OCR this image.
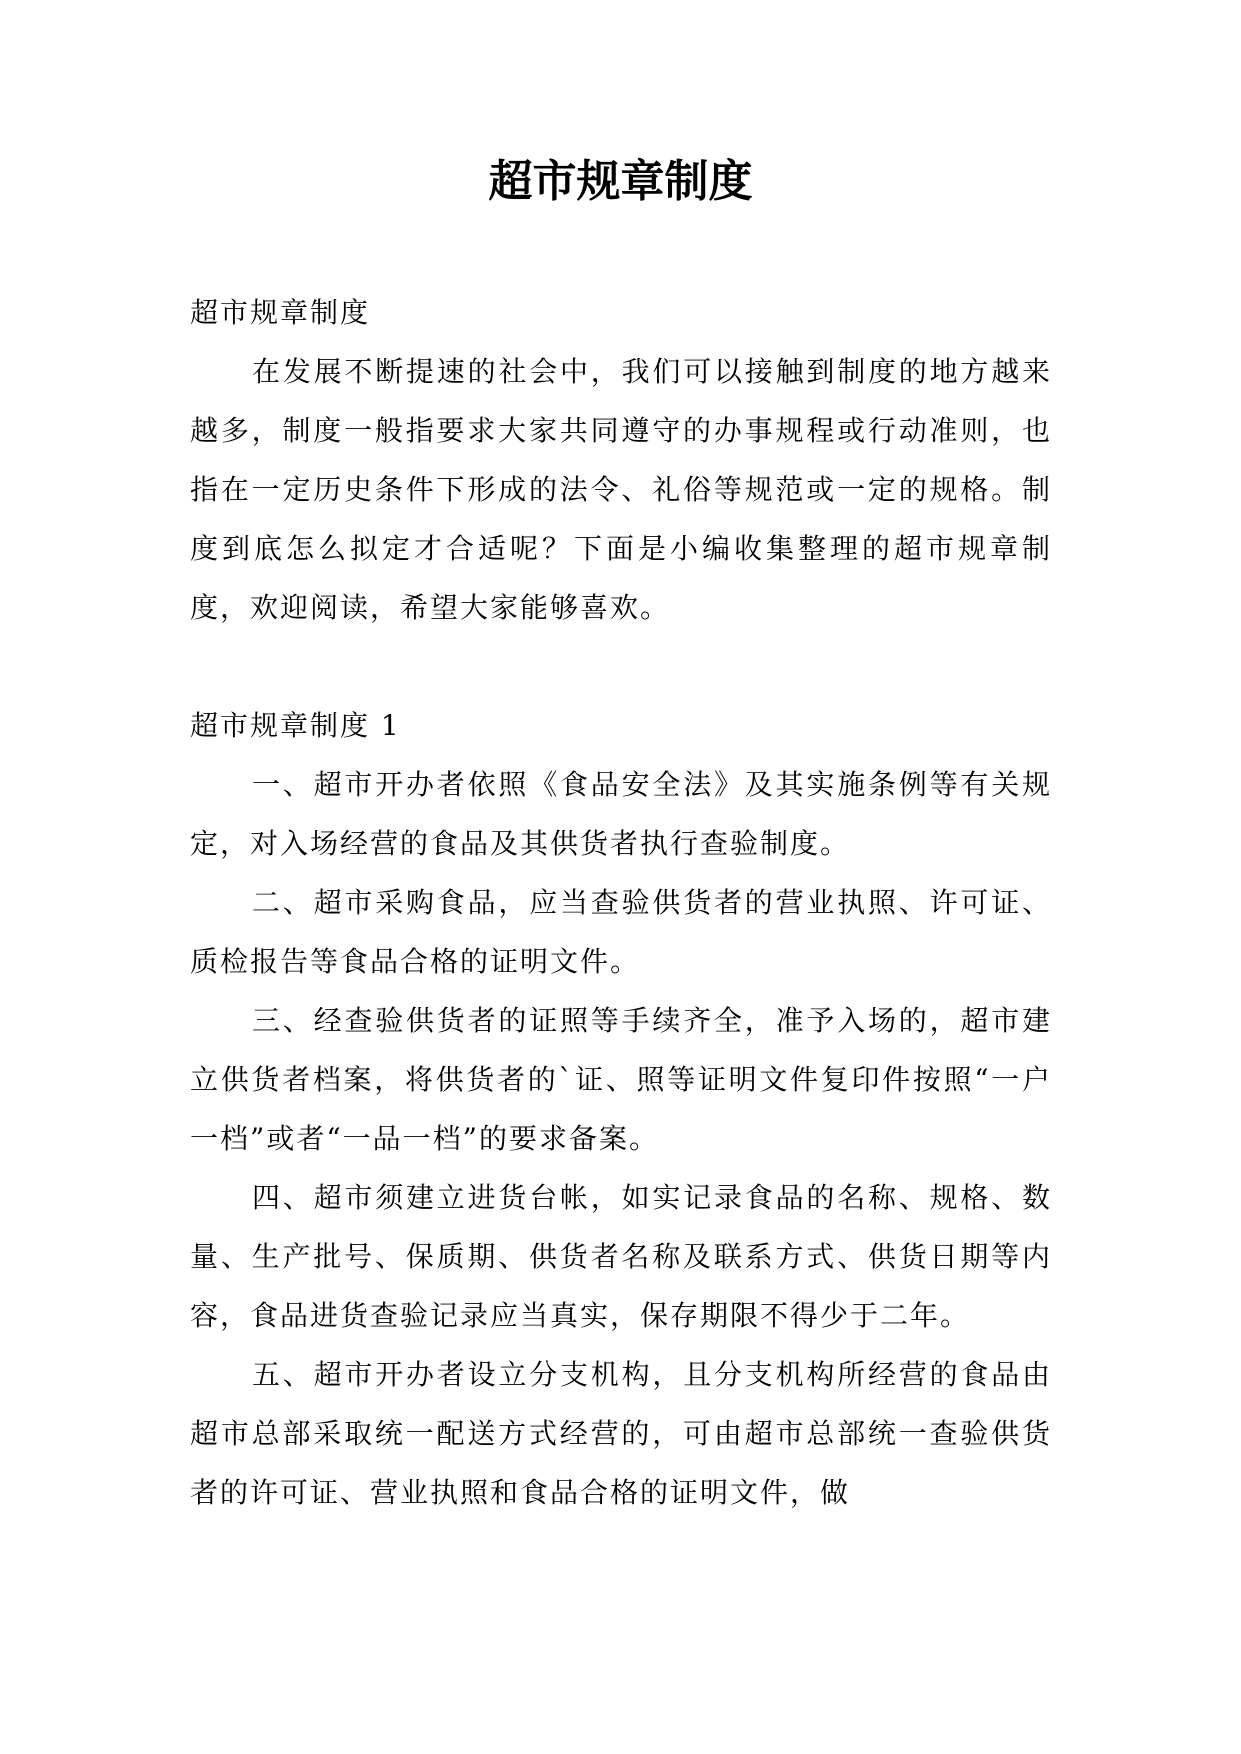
超市规章制度

超市规章制度

在发展不断提速的社会中，我们可以接触到制度的地方越来越多，制度一般指要求大家共同遵守的办事规程或行动准则，也指在一定历史条件下形成的法令、礼俗等规范或一定的规格。制度到底怎么拟定才合适呢？下面是小编收集整理的超市规章制度，欢迎阅读，希望大家能够喜欢。

超市规章制度 1

一、超市开办者依照《食品安全法》及其实施条例等有关规定，对入场经营的食品及其供货者执行查验制度。

二、超市采购食品，应当查验供货者的营业执照、许可证、质检报告等食品合格的证明文件。

三、经查验供货者的证照等手续齐全，准予入场的，超市建立供货者档案，将供货者的`证、照等证明文件复印件按照“一户一档”或者“一品一档”的要求备案。

四、超市须建立进货台帐，如实记录食品的名称、规格、数量、生产批号、保质期、供货者名称及联系方式、供货日期等内容，食品进货查验记录应当真实，保存期限不得少于二年。

五、超市开办者设立分支机构，且分支机构所经营的食品由超市总部采取统一配送方式经营的，可由超市总部统一查验供货者的许可证、营业执照和食品合格的证明文件，做
